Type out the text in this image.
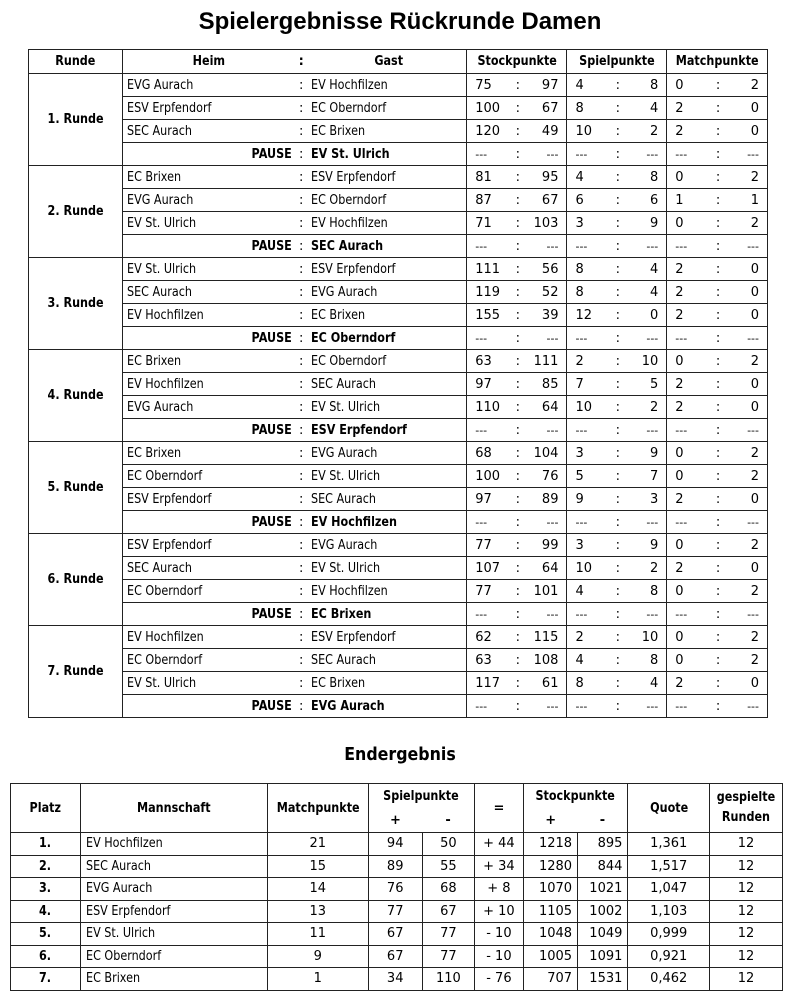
Spielergebnisse Rückrunde Damen
Runde	Heim	:	Gast	Stockpunkte			Spielpunkte			Matchpunkte		
1. Runde	EVG Aurach	:	EV Hochfilzen	75	:	97	4	:	8	0	:	2
	ESV Erpfendorf	:	EC Oberndorf	100	:	67	8	:	4	2	:	0
	SEC Aurach	:	EC Brixen	120	:	49	10	:	2	2	:	0
	PAUSE	:	EV St. Ulrich	---	:	---	---	:	---	---	:	---
2. Runde	EC Brixen	:	ESV Erpfendorf	81	:	95	4	:	8	0	:	2
	EVG Aurach	:	EC Oberndorf	87	:	67	6	:	6	1	:	1
	EV St. Ulrich	:	EV Hochfilzen	71	:	103	3	:	9	0	:	2
	PAUSE	:	SEC Aurach	---	:	---	---	:	---	---	:	---
3. Runde	EV St. Ulrich	:	ESV Erpfendorf	111	:	56	8	:	4	2	:	0
	SEC Aurach	:	EVG Aurach	119	:	52	8	:	4	2	:	0
	EV Hochfilzen	:	EC Brixen	155	:	39	12	:	0	2	:	0
	PAUSE	:	EC Oberndorf	---	:	---	---	:	---	---	:	---
4. Runde	EC Brixen	:	EC Oberndorf	63	:	111	2	:	10	0	:	2
	EV Hochfilzen	:	SEC Aurach	97	:	85	7	:	5	2	:	0
	EVG Aurach	:	EV St. Ulrich	110	:	64	10	:	2	2	:	0
	PAUSE	:	ESV Erpfendorf	---	:	---	---	:	---	---	:	---
5. Runde	EC Brixen	:	EVG Aurach	68	:	104	3	:	9	0	:	2
	EC Oberndorf	:	EV St. Ulrich	100	:	76	5	:	7	0	:	2
	ESV Erpfendorf	:	SEC Aurach	97	:	89	9	:	3	2	:	0
	PAUSE	:	EV Hochfilzen	---	:	---	---	:	---	---	:	---
6. Runde	ESV Erpfendorf	:	EVG Aurach	77	:	99	3	:	9	0	:	2
	SEC Aurach	:	EV St. Ulrich	107	:	64	10	:	2	2	:	0
	EC Oberndorf	:	EV Hochfilzen	77	:	101	4	:	8	0	:	2
	PAUSE	:	EC Brixen	---	:	---	---	:	---	---	:	---
7. Runde	EV Hochfilzen	:	ESV Erpfendorf	62	:	115	2	:	10	0	:	2
	EC Oberndorf	:	SEC Aurach	63	:	108	4	:	8	0	:	2
	EV St. Ulrich	:	EC Brixen	117	:	61	8	:	4	2	:	0
	PAUSE	:	EVG Aurach	---	:	---	---	:	---	---	:	---
Endergebnis
Platz	Mannschaft	Matchpunkte	Spielpunkte		=	Stockpunkte		Quote	gespielte
Runden
			+	-		+	-		
1.	EV Hochfilzen	21	94	50	+ 44	1218	895	1,361	12
2.	SEC Aurach	15	89	55	+ 34	1280	844	1,517	12
3.	EVG Aurach	14	76	68	+ 8	1070	1021	1,047	12
4.	ESV Erpfendorf	13	77	67	+ 10	1105	1002	1,103	12
5.	EV St. Ulrich	11	67	77	- 10	1048	1049	0,999	12
6.	EC Oberndorf	9	67	77	- 10	1005	1091	0,921	12
7.	EC Brixen	1	34	110	- 76	707	1531	0,462	12
